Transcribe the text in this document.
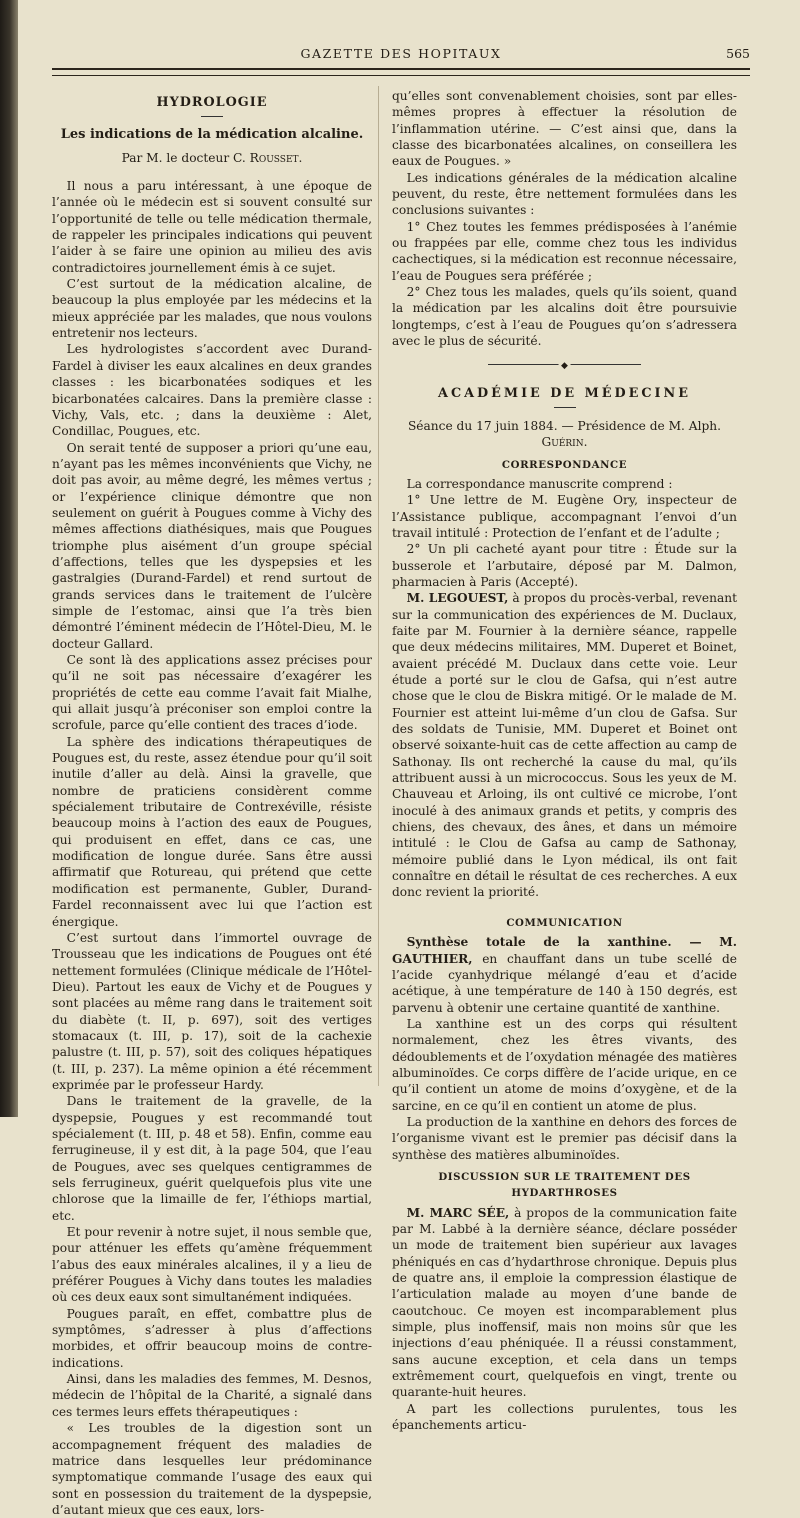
GAZETTE DES HOPITAUX	565
HYDROLOGIE
Les indications de la médication alcaline.
Par M. le docteur C. Rousset.

Il nous a paru intéressant, à une époque de l’année où le médecin est si souvent consulté sur l’opportunité de telle ou telle médication thermale, de rappeler les principales indications qui peuvent l’aider à se faire une opinion au milieu des avis contradictoires journellement émis à ce sujet.

C’est surtout de la médication alcaline, de beaucoup la plus employée par les médecins et la mieux appréciée par les malades, que nous voulons entretenir nos lecteurs.

Les hydrologistes s’accordent avec Durand-Fardel à diviser les eaux alcalines en deux grandes classes : les bicarbonatées sodiques et les bicarbonatées calcaires. Dans la première classe : Vichy, Vals, etc. ; dans la deuxième : Alet, Condillac, Pougues, etc.

On serait tenté de supposer a priori qu’une eau, n’ayant pas les mêmes inconvénients que Vichy, ne doit pas avoir, au même degré, les mêmes vertus ; or l’expérience clinique démontre que non seulement on guérit à Pougues comme à Vichy des mêmes affections diathésiques, mais que Pougues triomphe plus aisément d’un groupe spécial d’affections, telles que les dyspepsies et les gastralgies (Durand-Fardel) et rend surtout de grands services dans le traitement de l’ulcère simple de l’estomac, ainsi que l’a très bien démontré l’éminent médecin de l’Hôtel-Dieu, M. le docteur Gallard.

Ce sont là des applications assez précises pour qu’il ne soit pas nécessaire d’exagérer les propriétés de cette eau comme l’avait fait Mialhe, qui allait jusqu’à préconiser son emploi contre la scrofule, parce qu’elle contient des traces d’iode.

La sphère des indications thérapeutiques de Pougues est, du reste, assez étendue pour qu’il soit inutile d’aller au delà. Ainsi la gravelle, que nombre de praticiens considèrent comme spécialement tributaire de Contrexéville, résiste beaucoup moins à l’action des eaux de Pougues, qui produisent en effet, dans ce cas, une modification de longue durée. Sans être aussi affirmatif que Rotureau, qui prétend que cette modification est permanente, Gubler, Durand-Fardel reconnaissent avec lui que l’action est énergique.

C’est surtout dans l’immortel ouvrage de Trousseau que les indications de Pougues ont été nettement formulées (Clinique médicale de l’Hôtel-Dieu). Partout les eaux de Vichy et de Pougues y sont placées au même rang dans le traitement soit du diabète (t. II, p. 697), soit des vertiges stomacaux (t. III, p. 17), soit de la cachexie palustre (t. III, p. 57), soit des coliques hépatiques (t. III, p. 237). La même opinion a été récemment exprimée par le professeur Hardy.

Dans le traitement de la gravelle, de la dyspepsie, Pougues y est recommandé tout spécialement (t. III, p. 48 et 58). Enfin, comme eau ferrugineuse, il y est dit, à la page 504, que l’eau de Pougues, avec ses quelques centigrammes de sels ferrugineux, guérit quelquefois plus vite une chlorose que la limaille de fer, l’éthiops martial, etc.

Et pour revenir à notre sujet, il nous semble que, pour atténuer les effets qu’amène fréquemment l’abus des eaux minérales alcalines, il y a lieu de préférer Pougues à Vichy dans toutes les maladies où ces deux eaux sont simultanément indiquées.

Pougues paraît, en effet, combattre plus de symptômes, s’adresser à plus d’affections morbides, et offrir beaucoup moins de contre-indications.

Ainsi, dans les maladies des femmes, M. Desnos, médecin de l’hôpital de la Charité, a signalé dans ces termes leurs effets thérapeutiques :

« Les troubles de la digestion sont un accompagnement fréquent des maladies de matrice dans lesquelles leur prédominance symptomatique commande l’usage des eaux qui sont en possession du traitement de la dyspepsie, d’autant mieux que ces eaux, lors-

qu’elles sont convenablement choisies, sont par elles-mêmes propres à effectuer la résolution de l’inflammation utérine. — C’est ainsi que, dans la classe des bicarbonatées alcalines, on conseillera les eaux de Pougues. »

Les indications générales de la médication alcaline peuvent, du reste, être nettement formulées dans les conclusions suivantes :

1° Chez toutes les femmes prédisposées à l’anémie ou frappées par elle, comme chez tous les individus cachectiques, si la médication est reconnue nécessaire, l’eau de Pougues sera préférée ;

2° Chez tous les malades, quels qu’ils soient, quand la médication par les alcalins doit être poursuivie longtemps, c’est à l’eau de Pougues qu’on s’adressera avec le plus de sécurité.

◆
ACADÉMIE DE MÉDECINE
Séance du 17 juin 1884. — Présidence de M. Alph. Guérin.
CORRESPONDANCE

La correspondance manuscrite comprend :

1° Une lettre de M. Eugène Ory, inspecteur de l’Assistance publique, accompagnant l’envoi d’un travail intitulé : Protection de l’enfant et de l’adulte ;

2° Un pli cacheté ayant pour titre : Étude sur la busserole et l’arbutaire, déposé par M. Dalmon, pharmacien à Paris (Accepté).

M. LEGOUEST, à propos du procès-verbal, revenant sur la communication des expériences de M. Duclaux, faite par M. Fournier à la dernière séance, rappelle que deux médecins militaires, MM. Duperet et Boinet, avaient précédé M. Duclaux dans cette voie. Leur étude a porté sur le clou de Gafsa, qui n’est autre chose que le clou de Biskra mitigé. Or le malade de M. Fournier est atteint lui-même d’un clou de Gafsa. Sur des soldats de Tunisie, MM. Duperet et Boinet ont observé soixante-huit cas de cette affection au camp de Sathonay. Ils ont recherché la cause du mal, qu’ils attribuent aussi à un micrococcus. Sous les yeux de M. Chauveau et Arloing, ils ont cultivé ce microbe, l’ont inoculé à des animaux grands et petits, y compris des chiens, des chevaux, des ânes, et dans un mémoire intitulé : le Clou de Gafsa au camp de Sathonay, mémoire publié dans le Lyon médical, ils ont fait connaître en détail le résultat de ces recherches. A eux donc revient la priorité.

COMMUNICATION

Synthèse totale de la xanthine. — M. GAUTHIER, en chauffant dans un tube scellé de l’acide cyanhydrique mélangé d’eau et d’acide acétique, à une température de 140 à 150 degrés, est parvenu à obtenir une certaine quantité de xanthine.

La xanthine est un des corps qui résultent normalement, chez les êtres vivants, des dédoublements et de l’oxydation ménagée des matières albuminoïdes. Ce corps diffère de l’acide urique, en ce qu’il contient un atome de moins d’oxygène, et de la sarcine, en ce qu’il en contient un atome de plus.

La production de la xanthine en dehors des forces de l’organisme vivant est le premier pas décisif dans la synthèse des matières albuminoïdes.

DISCUSSION SUR LE TRAITEMENT DES HYDARTHROSES

M. MARC SÉE, à propos de la communication faite par M. Labbé à la dernière séance, déclare posséder un mode de traitement bien supérieur aux lavages phéniqués en cas d’hydarthrose chronique. Depuis plus de quatre ans, il emploie la compression élastique de l’articulation malade au moyen d’une bande de caoutchouc. Ce moyen est incomparablement plus simple, plus inoffensif, mais non moins sûr que les injections d’eau phéniquée. Il a réussi constamment, sans aucune exception, et cela dans un temps extrêmement court, quelquefois en vingt, trente ou quarante-huit heures.

A part les collections purulentes, tous les épanchements articu-
